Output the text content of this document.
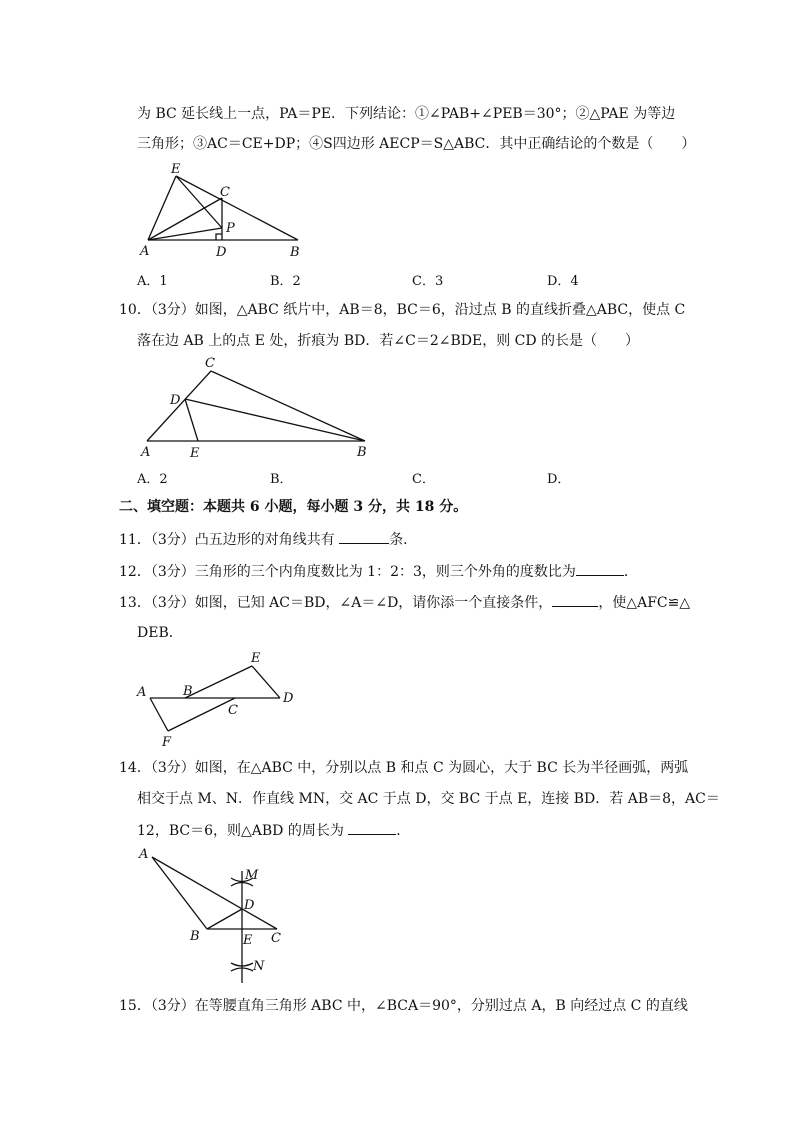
为 BC 延长线上一点，PA＝PE．下列结论：①∠PAB+∠PEB＝30°；②△PAE 为等边
三角形；③AC＝CE+DP；④S四边形 AECP＝S△ABC．其中正确结论的个数是（　　）
E
C
P
A	D	B
A．1	B．2	C．3	D．4
10．（3分）如图，△ABC 纸片中，AB＝8，BC＝6，沿过点 B 的直线折叠△ABC，使点 C
落在边 AB 上的点 E 处，折痕为 BD．若∠C＝2∠BDE，则 CD 的长是（　　）
C
D
A	E	B
A．2	B．	C．	D．
二、填空题：本题共 6 小题，每小题 3 分，共 18 分。
11．（3分）凸五边形的对角线共有	条．
12．（3分）三角形的三个内角度数比为 1：2：3，则三个外角的度数比为	．
13．（3分）如图，已知 AC＝BD，∠A＝∠D，请你添一个直接条件，	，使△AFC≌△
DEB．
E
A	B	D
C
F
14．（3分）如图，在△ABC 中，分别以点 B 和点 C 为圆心，大于 BC 长为半径画弧，两弧
相交于点 M、N．作直线 MN，交 AC 于点 D，交 BC 于点 E，连接 BD．若 AB＝8，AC＝
12，BC＝6，则△ABD 的周长为	．
A
M
D
B	E C
N
15．（3分）在等腰直角三角形 ABC 中，∠BCA＝90°，分别过点 A，B 向经过点 C 的直线
